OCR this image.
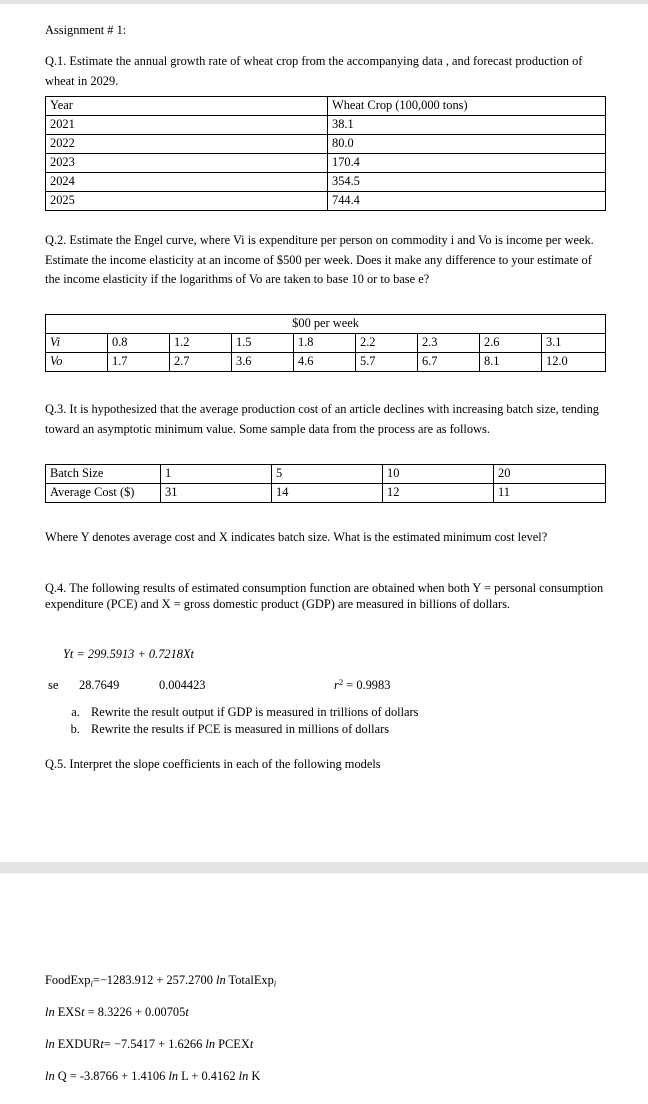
Assignment # 1:

Q.1. Estimate the annual growth rate of wheat crop from the accompanying data , and forecast production of wheat in 2029.

Year	Wheat Crop (100,000 tons)
2021	38.1
2022	80.0
2023	170.4
2024	354.5
2025	744.4

Q.2. Estimate the Engel curve, where Vi is expenditure per person on commodity i and Vo is income per week. Estimate the income elasticity at an income of $500 per week. Does it make any difference to your estimate of the income elasticity if the logarithms of Vo are taken to base 10 or to base e?

$00 per week								
Vi	0.8	1.2	1.5	1.8	2.2	2.3	2.6	3.1
Vo	1.7	2.7	3.6	4.6	5.7	6.7	8.1	12.0

Q.3. It is hypothesized that the average production cost of an article declines with increasing batch size, tending toward an asymptotic minimum value. Some sample data from the process are as follows.

Batch Size	1	5	10	20
Average Cost ($)	31	14	12	11

Where Y denotes average cost and X indicates batch size. What is the estimated minimum cost level?

Q.4. The following results of estimated consumption function are obtained when both Y = personal consumption expenditure (PCE) and X = gross domestic product (GDP) are measured in billions of dollars.

Yt = 299.5913 + 0.7218Xt
se 28.7649	0.004423	$r^2 = 0.9983$
a. Rewrite the result output if GDP is measured in trillions of dollars
b. Rewrite the results if PCE is measured in millions of dollars

Q.5. Interpret the slope coefficients in each of the following models

FoodExp$_i$=−1283.912 + 257.2700 ln TotalExp$_i$
ln EXSt = 8.3226 + 0.00705t
ln EXDURt= −7.5417 + 1.6266 ln PCEXt
ln Q = -3.8766 + 1.4106 ln L + 0.4162 ln K
